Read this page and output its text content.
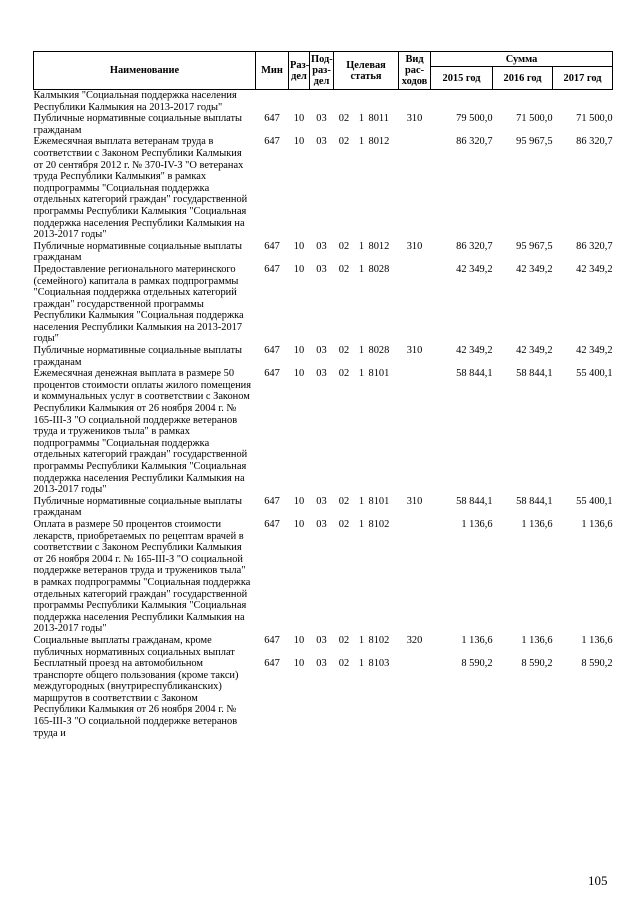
Наименование	Мин	Раз-дел	Под-раз-дел	Целевая статья			Вид рас-ходов	Сумма		
								2015 год	2016 год	2017 год
Калмыкия "Социальная поддержка населения Республики Калмыкия на 2013-2017 годы"										
Публичные нормативные социальные выплаты гражданам	647	10	03	02	1	8011	310	79 500,0	71 500,0	71 500,0
Ежемесячная выплата ветеранам труда в соответствии с Законом Республики Калмыкия от 20 сентября 2012 г. № 370-IV-З "О ветеранах труда Республики Калмыкия" в рамках подпрограммы "Социальная поддержка отдельных категорий граждан" государственной программы Республики Калмыкия "Социальная поддержка населения Республики Калмыкия на 2013-2017 годы"	647	10	03	02	1	8012		86 320,7	95 967,5	86 320,7
Публичные нормативные социальные выплаты гражданам	647	10	03	02	1	8012	310	86 320,7	95 967,5	86 320,7
Предоставление регионального материнского (семейного) капитала в рамках подпрограммы "Социальная поддержка отдельных категорий граждан" государственной программы Республики Калмыкия "Социальная поддержка населения Республики Калмыкия на 2013-2017 годы"	647	10	03	02	1	8028		42 349,2	42 349,2	42 349,2
Публичные нормативные социальные выплаты гражданам	647	10	03	02	1	8028	310	42 349,2	42 349,2	42 349,2
Ежемесячная денежная выплата в размере 50 процентов стоимости оплаты жилого помещения и коммунальных услуг в соответствии с Законом Республики Калмыкия от 26 ноября 2004 г. № 165-III-З "О социальной поддержке ветеранов труда и тружеников тыла" в рамках подпрограммы "Социальная поддержка отдельных категорий граждан" государственной программы Республики Калмыкия "Социальная поддержка населения Республики Калмыкия на 2013-2017 годы"	647	10	03	02	1	8101		58 844,1	58 844,1	55 400,1
Публичные нормативные социальные выплаты гражданам	647	10	03	02	1	8101	310	58 844,1	58 844,1	55 400,1
Оплата в размере 50 процентов стоимости лекарств, приобретаемых по рецептам врачей в соответствии с Законом Республики Калмыкия от 26 ноября 2004 г. № 165-III-З "О социальной поддержке ветеранов труда и тружеников тыла" в рамках подпрограммы "Социальная поддержка отдельных категорий граждан" государственной программы Республики Калмыкия "Социальная поддержка населения Республики Калмыкия на 2013-2017 годы"	647	10	03	02	1	8102		1 136,6	1 136,6	1 136,6
Социальные выплаты гражданам, кроме публичных нормативных социальных выплат	647	10	03	02	1	8102	320	1 136,6	1 136,6	1 136,6
Бесплатный проезд на автомобильном транспорте общего пользования (кроме такси) междугородных (внутриреспубликанских) маршрутов в соответствии с Законом Республики Калмыкия от 26 ноября 2004 г. № 165-III-З "О социальной поддержке ветеранов труда и	647	10	03	02	1	8103		8 590,2	8 590,2	8 590,2
105
